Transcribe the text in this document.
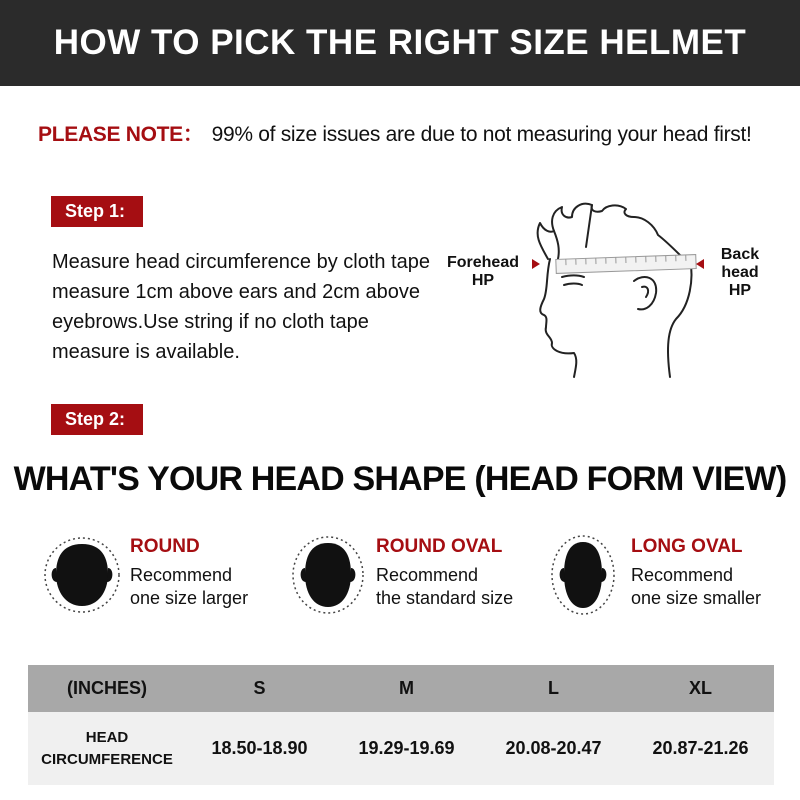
HOW TO PICK THE RIGHT SIZE HELMET
PLEASE NOTE： 99% of size issues are due to not measuring your head first!
Step 1:
Measure head circumference by cloth tape measure 1cm above ears and 2cm above eyebrows.Use string if no cloth tape measure is available.
Forehead
HP
Back
head
HP
Step 2:
WHAT'S YOUR HEAD SHAPE (HEAD FORM VIEW)
ROUND
Recommend
one size larger
ROUND OVAL
Recommend
the standard size
LONG OVAL
Recommend
one size smaller
(INCHES)	S	M	L	XL

HEAD
CIRCUMFERENCE	18.50-18.90	19.29-19.69	20.08-20.47	20.87-21.26
